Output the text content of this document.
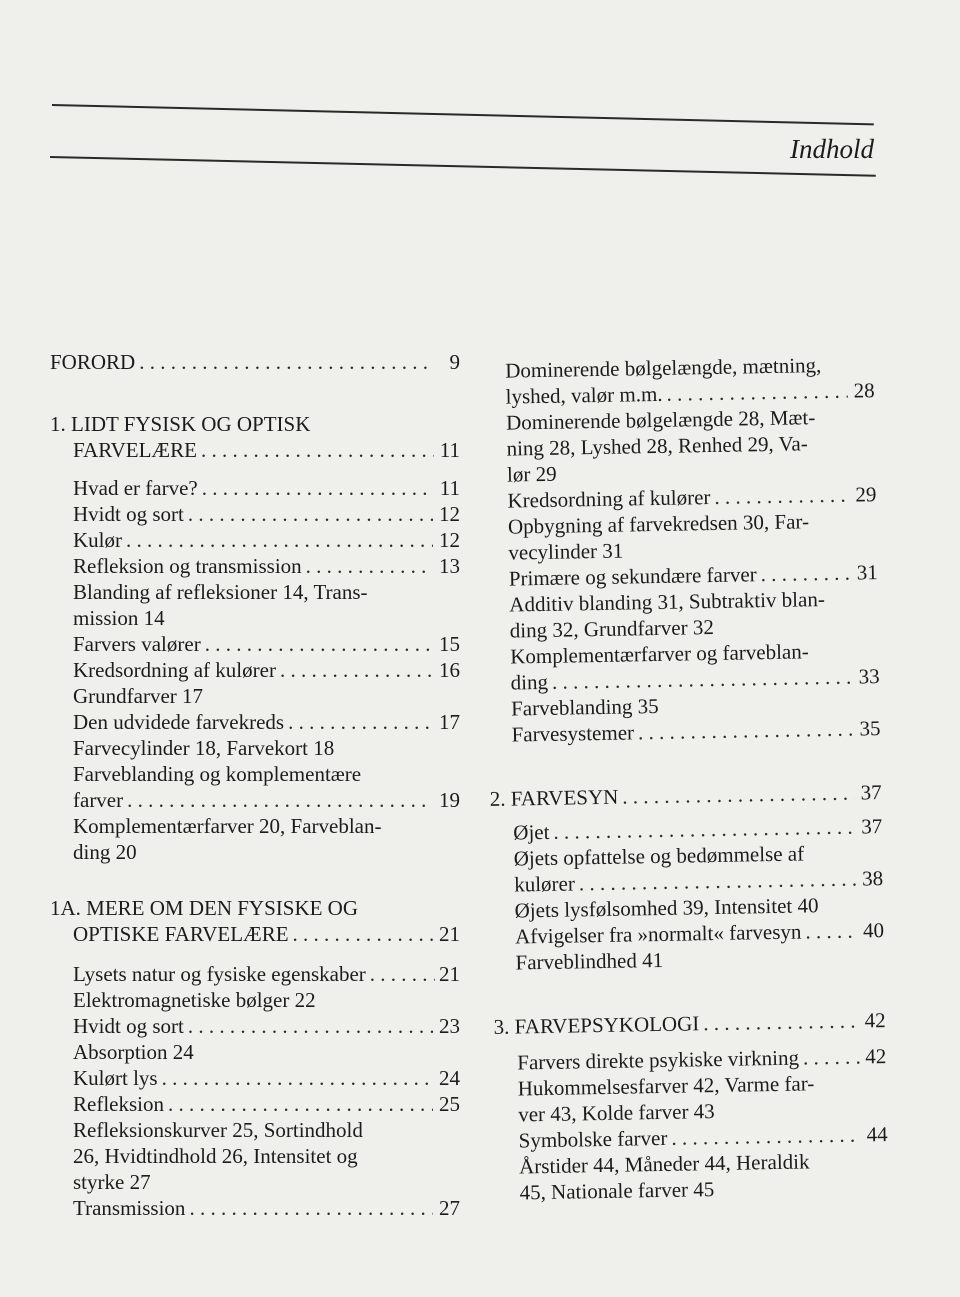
Indhold
FORORD . . .	9
1. LIDT FYSISK OG OPTISK
FARVELÆRE . . .	11
Hvad er farve? . . .	11
Hvidt og sort . . .	12
Kulør . . .	12
Refleksion og transmission . . .	13
Blanding af refleksioner 14, Trans-
mission 14
Farvers valører . . .	15
Kredsordning af kulører . . .	16
Grundfarver 17
Den udvidede farvekreds . . .	17
Farvecylinder 18, Farvekort 18
Farveblanding og komplementære
farver . . .	19
Komplementærfarver 20, Farveblan-
ding 20
1A. MERE OM DEN FYSISKE OG
OPTISKE FARVELÆRE . . .	21
Lysets natur og fysiske egenskaber . . .	21
Elektromagnetiske bølger 22
Hvidt og sort . . .	23
Absorption 24
Kulørt lys . . .	24
Refleksion . . .	25
Refleksionskurver 25, Sortindhold
26, Hvidtindhold 26, Intensitet og
styrke 27
Transmission . . .	27
Dominerende bølgelængde, mætning,
lyshed, valør m.m. . . .	28
Dominerende bølgelængde 28, Mæt-
ning 28, Lyshed 28, Renhed 29, Va-
lør 29
Kredsordning af kulører . . .	29
Opbygning af farvekredsen 30, Far-
vecylinder 31
Primære og sekundære farver . . .	31
Additiv blanding 31, Subtraktiv blan-
ding 32, Grundfarver 32
Komplementærfarver og farveblan-
ding . . .	33
Farveblanding 35
Farvesystemer . . .	35
2. FARVESYN . . .	37
Øjet . . .	37
Øjets opfattelse og bedømmelse af
kulører . . .	38
Øjets lysfølsomhed 39, Intensitet 40
Afvigelser fra »normalt« farvesyn . . .	40
Farveblindhed 41
3. FARVEPSYKOLOGI . . .	42
Farvers direkte psykiske virkning . . .	42
Hukommelsesfarver 42, Varme far-
ver 43, Kolde farver 43
Symbolske farver . . .	44
Årstider 44, Måneder 44, Heraldik
45, Nationale farver 45
